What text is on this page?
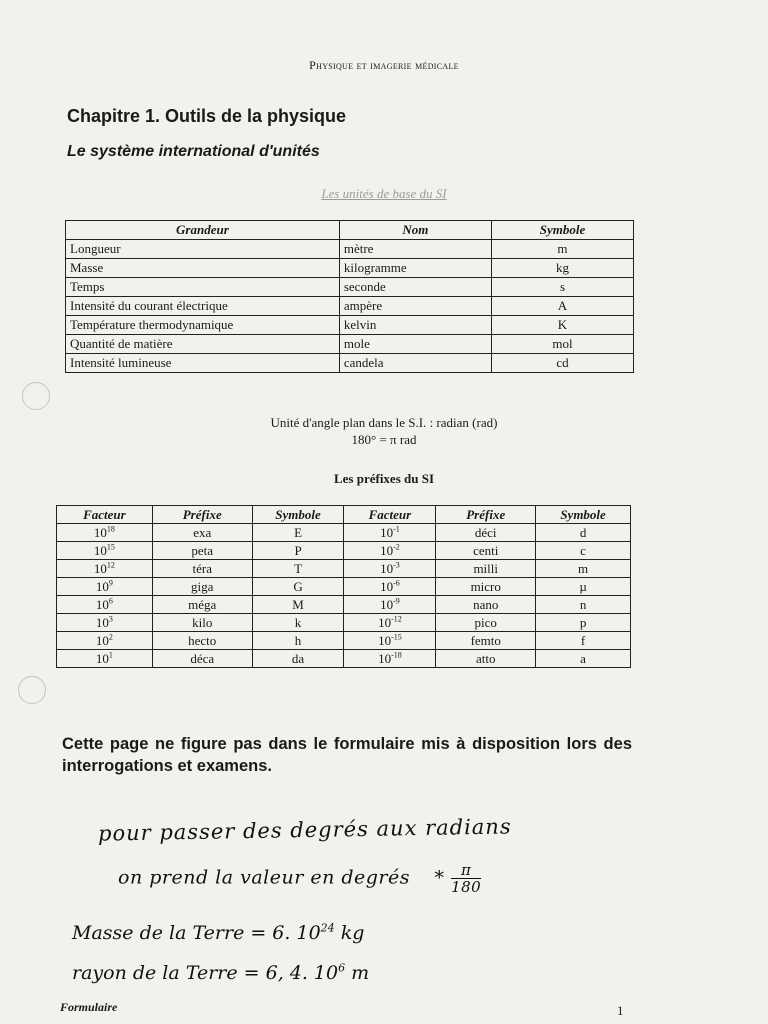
Physique et imagerie médicale
Chapitre 1. Outils de la physique
Le système international d'unités
Les unités de base du SI
Grandeur	Nom	Symbole
Longueur	mètre	m
Masse	kilogramme	kg
Temps	seconde	s
Intensité du courant électrique	ampère	A
Température thermodynamique	kelvin	K
Quantité de matière	mole	mol
Intensité lumineuse	candela	cd
Unité d'angle plan dans le S.I. : radian (rad)
180° = π rad
Les préfixes du SI
Facteur	Préfixe	Symbole	Facteur	Préfixe	Symbole
$10^{18}$	exa	E	$10^{-1}$	déci	d
$10^{15}$	peta	P	$10^{-2}$	centi	c
$10^{12}$	téra	T	$10^{-3}$	milli	m
$10^9$	giga	G	$10^{-6}$	micro	µ
$10^6$	méga	M	$10^{-9}$	nano	n
$10^3$	kilo	k	$10^{-12}$	pico	p
$10^2$	hecto	h	$10^{-15}$	femto	f
$10^1$	déca	da	$10^{-18}$	atto	a
Cette page ne figure pas dans le formulaire mis à disposition lors des interrogations et examens.
pour passer des degrés aux radians
on prend la valeur en degrés * $\frac{\pi}{180}$
Masse de la Terre = 6. $10^{24}$ kg
rayon de la Terre = 6, 4. $10^6$ m
Formulaire	1
